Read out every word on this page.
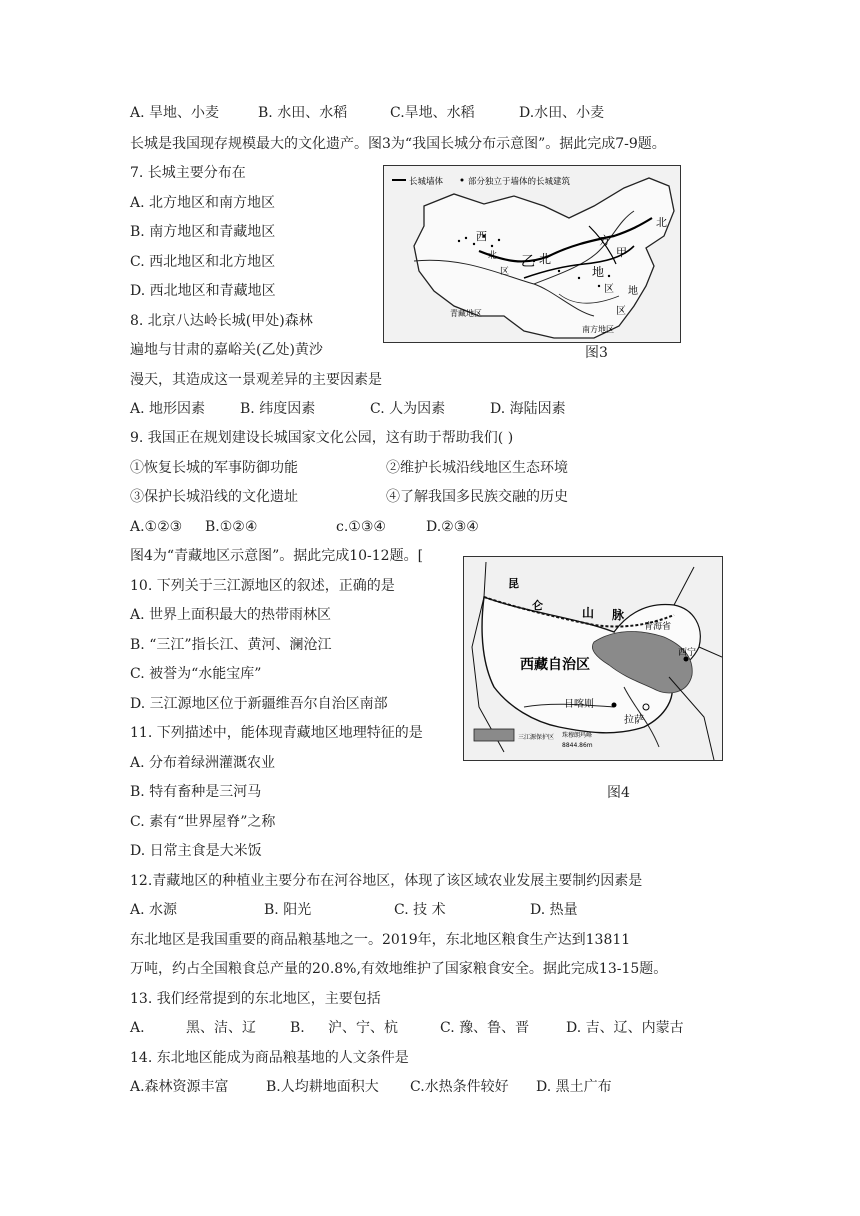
A. 旱地、小麦	B. 水田、水稻	C.旱地、水稻	D.水田、小麦
长城是我国现存规模最大的文化遗产。图3为“我国长城分布示意图”。据此完成7-9题。
7. 长城主要分布在
A. 北方地区和南方地区
B. 南方地区和青藏地区
C. 西北地区和北方地区
D. 西北地区和青藏地区
8. 北京八达岭长城(甲处)森林
遍地与甘肃的嘉峪关(乙处)黄沙
漫天，其造成这一景观差异的主要因素是
A. 地形因素 B. 纬度因素	C. 人为因素	D. 海陆因素
9. 我国正在规划建设长城国家文化公园，这有助于帮助我们( )
①恢复长城的军事防御功能	②维护长城沿线地区生态环境
③保护长城沿线的文化遗址	④了解我国多民族交融的历史
A.①②③ B.①②④	c.①③④	D.②③④
图4为“青藏地区示意图”。据此完成10-12题。[
10. 下列关于三江源地区的叙述，正确的是
A. 世界上面积最大的热带雨林区
B. “三江”指长江、黄河、澜沧江
C. 被誉为“水能宝库”
D. 三江源地区位于新疆维吾尔自治区南部
11. 下列描述中，能体现青藏地区地理特征的是
A. 分布着绿洲灌溉农业
B. 特有畜种是三河马
C. 素有“世界屋脊”之称
D. 日常主食是大米饭
12.青藏地区的种植业主要分布在河谷地区，体现了该区域农业发展主要制约因素是
A. 水源	B. 阳光	C. 技 术	D. 热量
东北地区是我国重要的商品粮基地之一。2019年，东北地区粮食生产达到13811
万吨，约占全国粮食总产量的20.8%,有效地维护了国家粮食安全。据此完成13-15题。
13. 我们经常提到的东北地区，主要包括
A.	黑、洁、辽 B. 沪、宁、杭	C. 豫、鲁、晋	D. 吉、辽、内蒙古
14. 东北地区能成为商品粮基地的人文条件是
A.森林资源丰富	B.人均耕地面积大 C.水热条件较好 D. 黑土广布
长城墙体	部分独立于墙体的长城建筑
西
北
区
乙 北
地
区
甲
方
地
区
北
青藏地区
南方地区
图3
昆
仑
山 脉
青海省
西宁
西藏自治区
日喀则
拉萨
三江源保护区 珠穆朗玛峰
8844.86m
图4
